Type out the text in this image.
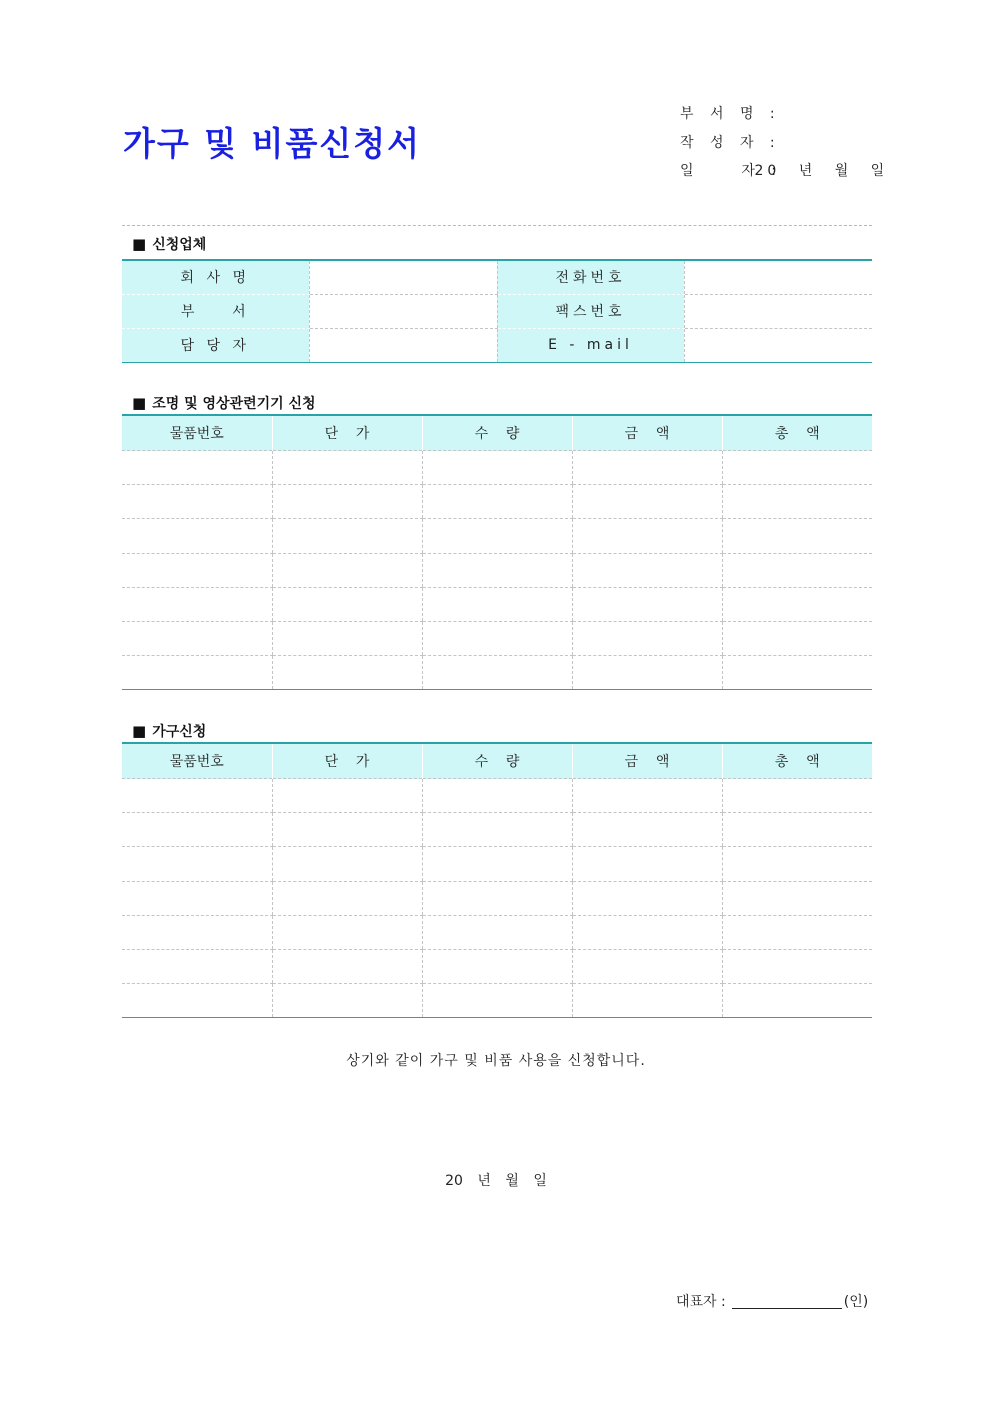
가구 및 비품신청서
부 서 명 :
작 성 자 :
일    자 : 20 년 월 일
■ 신청업체
회 사 명		전화번호	
부    서		팩스번호	
담 당 자		E - mail	
■ 조명 및 영상관련기기 신청
물품번호	단    가	수    량	금    액	총    액

■ 가구신청
물품번호	단    가	수    량	금    액	총    액

상기와 같이 가구 및 비품 사용을 신청합니다.
20 년 월 일
대표자 :	(인)
